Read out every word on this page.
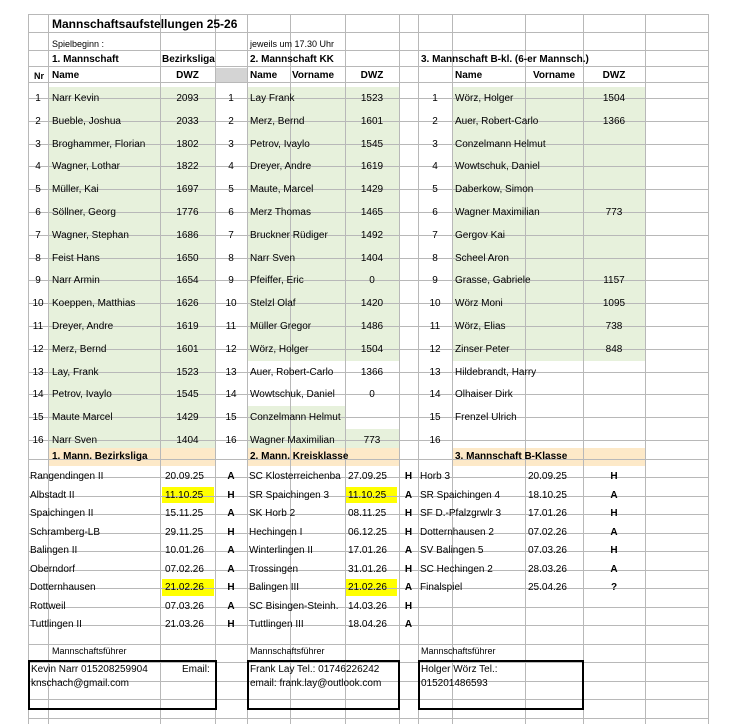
Mannschaftsaufstellungen 25-26
Spielbeginn :	jeweils um 17.30 Uhr
1. Mannschaft	Bezirksliga	2. Mannschaft KK	3. Mannschaft B-kl. (6-er Mannsch.)
Nr Name	DWZ	Name Vorname	DWZ	Name	Vorname	DWZ
1	Narr Kevin	2093	1	Lay Frank	1523	1	Wörz, Holger	1504
2	Bueble, Joshua	2033	2	Merz, Bernd	1601	2	Auer, Robert-Carlo	1366
3	Broghammer, Florian	1802	3	Petrov, Ivaylo	1545	3	Conzelmann Helmut
4	Wagner, Lothar	1822	4	Dreyer, Andre	1619	4	Wowtschuk, Daniel
5	Müller, Kai	1697	5	Maute, Marcel	1429	5	Daberkow, Simon
6	Söllner, Georg	1776	6	Merz Thomas	1465	6	Wagner Maximilian	773
7	Wagner, Stephan	1686	7	Bruckner Rüdiger	1492	7	Gergov Kai
8	Feist Hans	1650	8	Narr Sven	1404	8	Scheel Aron
9	Narr Armin	1654	9	Pfeiffer, Eric	0	9	Grasse, Gabriele	1157
10 Koeppen, Matthias	1626	10	Stelzl Olaf	1420	10	Wörz Moni	1095
11 Dreyer, Andre	1619	11	Müller Gregor	1486	11	Wörz, Elias	738
12 Merz, Bernd	1601	12	Wörz, Holger	1504	12	Zinser Peter	848
13 Lay, Frank	1523	13	Auer, Robert-Carlo	1366	13	Hildebrandt, Harry
14 Petrov, Ivaylo	1545	14	Wowtschuk, Daniel	0	14	Olhaiser Dirk
15 Maute Marcel	1429	15	Conzelmann Helmut	15	Frenzel Ulrich
16 Narr Sven	1404	16	Wagner Maximilian	773	16
1. Mann. Bezirksliga	2. Mann. Kreisklasse	3. Mannschaft B-Klasse
Rangendingen II	20.09.25	A	SC Klosterreichenba 27.09.25	H Horb 3	20.09.25	H
Albstadt II	11.10.25	H	SR Spaichingen 3 11.10.25	A SR Spaichingen 4	18.10.25	A
Spaichingen II	15.11.25	A	SK Horb 2	08.11.25	H SF D.-Pfalzgrwlr 3	17.01.26	H
Schramberg-LB	29.11.25	H	Hechingen I	06.12.25	H Dotternhausen 2	07.02.26	A
Balingen II	10.01.26	A	Winterlingen II	17.01.26	A SV Balingen 5	07.03.26	H
Oberndorf	07.02.26	A	Trossingen	31.01.26	H SC Hechingen 2	28.03.26	A
Dotternhausen	21.02.26	H	Balingen III	21.02.26	A Finalspiel	25.04.26	?
Rottweil	07.03.26	A	SC Bisingen-Steinh. 14.03.26	H
Tuttlingen II	21.03.26	H	Tuttlingen III	18.04.26	A
Mannschaftsführer	Mannschaftsführer	Mannschaftsführer
Kevin Narr 015208259904	Email:
knschach@gmail.com
Frank Lay Tel.: 01746226242
email: frank.lay@outlook.com
Holger Wörz Tel.:
015201486593
